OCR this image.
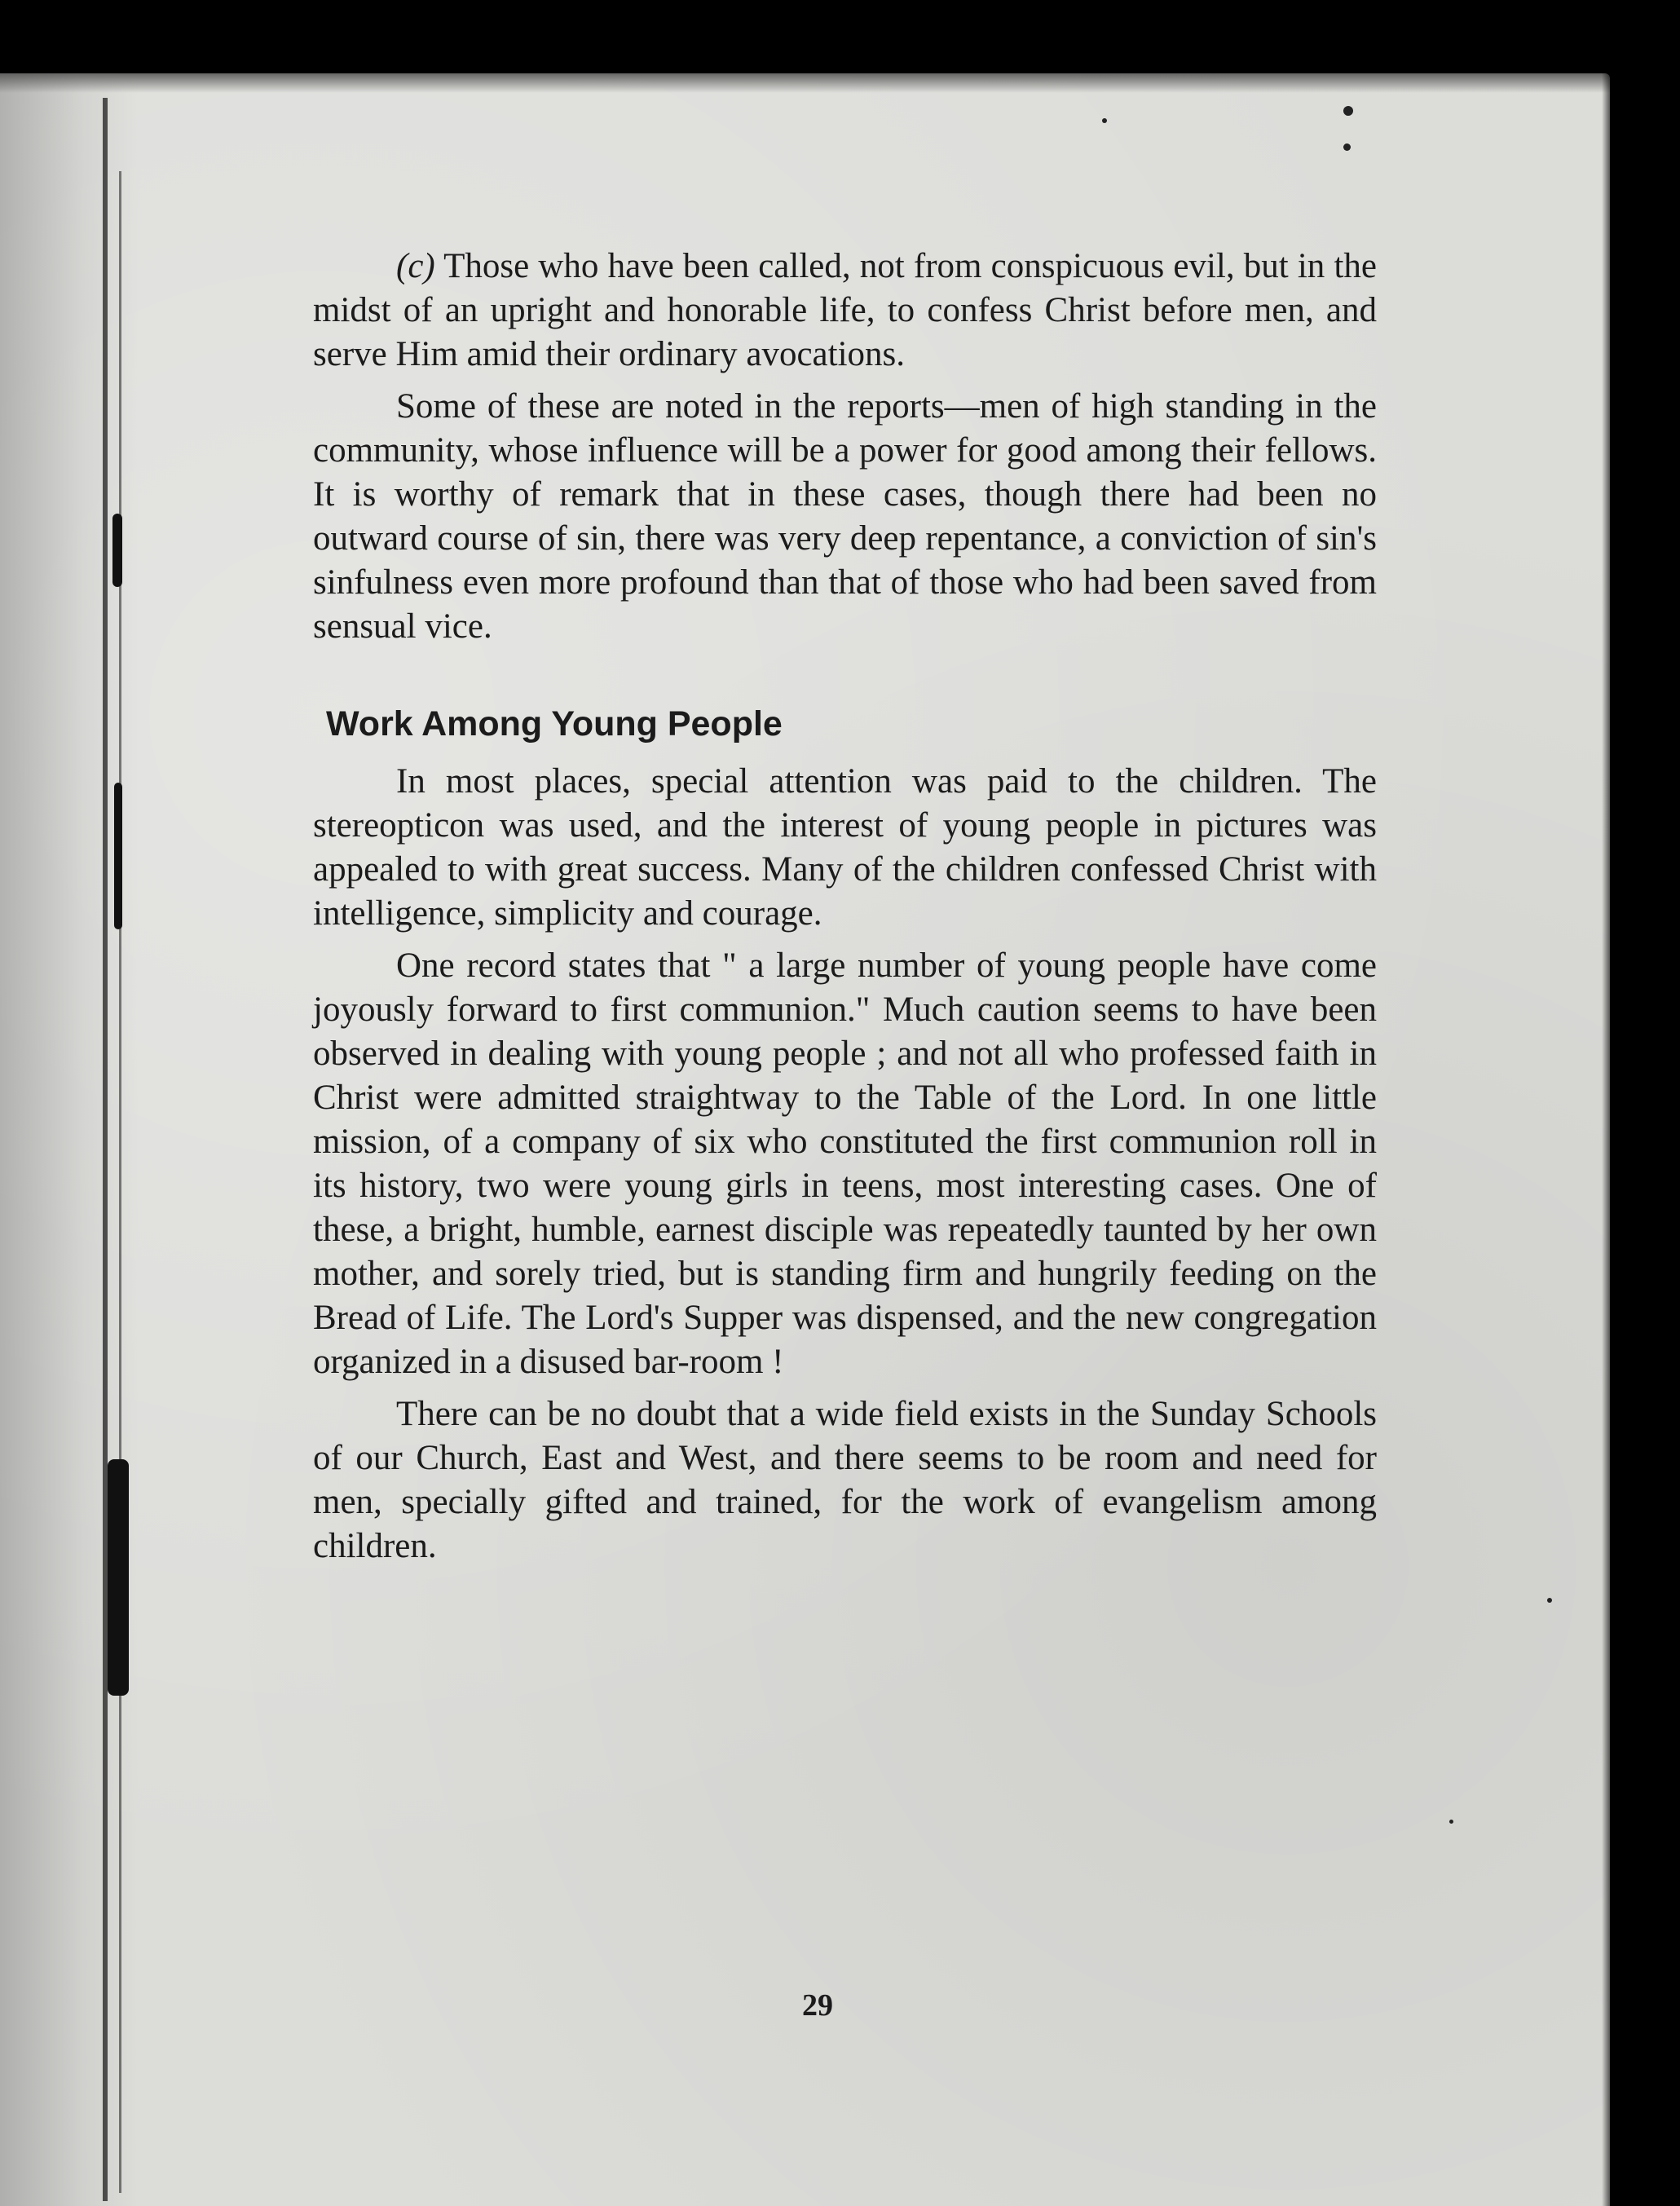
(c) Those who have been called, not from conspicuous evil, but in the midst of an upright and honorable life, to confess Christ before men, and serve Him amid their ordinary avocations.

Some of these are noted in the reports—men of high standing in the community, whose influence will be a power for good among their fellows. It is worthy of remark that in these cases, though there had been no outward course of sin, there was very deep repentance, a conviction of sin's sinfulness even more profound than that of those who had been saved from sensual vice.

Work Among Young People

In most places, special attention was paid to the children. The stereopticon was used, and the interest of young people in pictures was appealed to with great success. Many of the children confessed Christ with intelligence, simplicity and courage.

One record states that " a large number of young people have come joyously forward to first communion." Much caution seems to have been observed in dealing with young people ; and not all who professed faith in Christ were admitted straightway to the Table of the Lord. In one little mission, of a company of six who constituted the first communion roll in its history, two were young girls in teens, most interesting cases. One of these, a bright, humble, earnest disciple was repeatedly taunted by her own mother, and sorely tried, but is standing firm and hungrily feeding on the Bread of Life. The Lord's Supper was dispensed, and the new congregation organized in a disused bar-room !

There can be no doubt that a wide field exists in the Sunday Schools of our Church, East and West, and there seems to be room and need for men, specially gifted and trained, for the work of evangelism among children.

29
